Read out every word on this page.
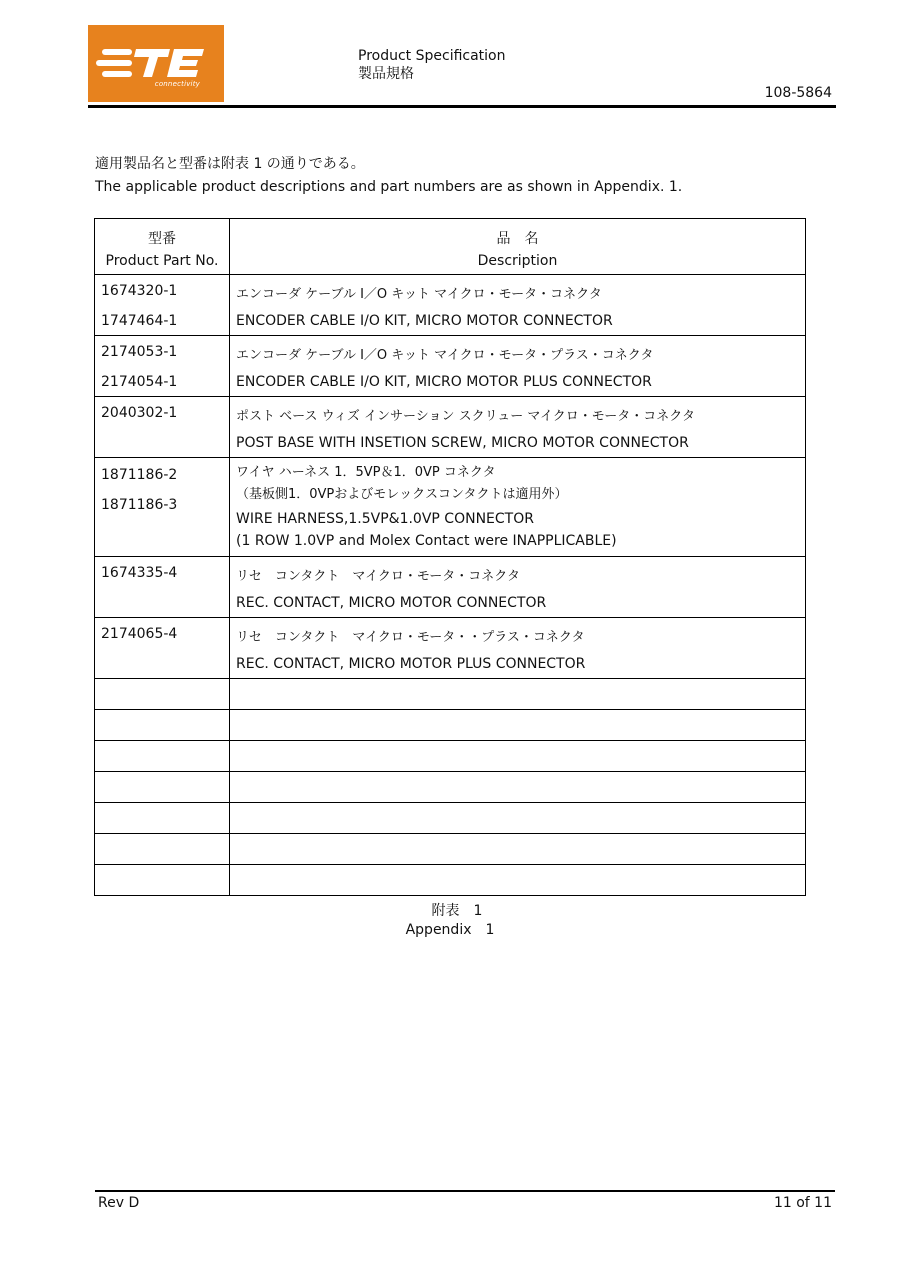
connectivity
Product Specification
製品規格
108-5864
適用製品名と型番は附表 1 の通りである。
The applicable product descriptions and part numbers are as shown in Appendix. 1.
型番
Product Part No.	品　名
Description

1674320-1
1747464-1	エンコーダ ケーブル I／O キット マイクロ・モータ・コネクタ
ENCODER CABLE I/O KIT, MICRO MOTOR CONNECTOR

2174053-1
2174054-1	エンコーダ ケーブル I／O キット マイクロ・モータ・プラス・コネクタ
ENCODER CABLE I/O KIT, MICRO MOTOR PLUS CONNECTOR

2040302-1	ポスト ベース ウィズ インサーション スクリュー マイクロ・モータ・コネクタ
POST BASE WITH INSETION SCREW, MICRO MOTOR CONNECTOR

1871186-2
1871186-3	ワイヤ ハーネス 1．5VP＆1．0VP コネクタ
（基板側1．0VPおよびモレックスコンタクトは適用外）
WIRE HARNESS,1.5VP&1.0VP CONNECTOR
(1 ROW 1.0VP and Molex Contact were INAPPLICABLE)

1674335-4	リセ　コンタクト　マイクロ・モータ・コネクタ
REC. CONTACT, MICRO MOTOR CONNECTOR

2174065-4	リセ　コンタクト　マイクロ・モータ・・プラス・コネクタ
REC. CONTACT, MICRO MOTOR PLUS CONNECTOR

附表　1
Appendix　1
Rev D	11 of 11
